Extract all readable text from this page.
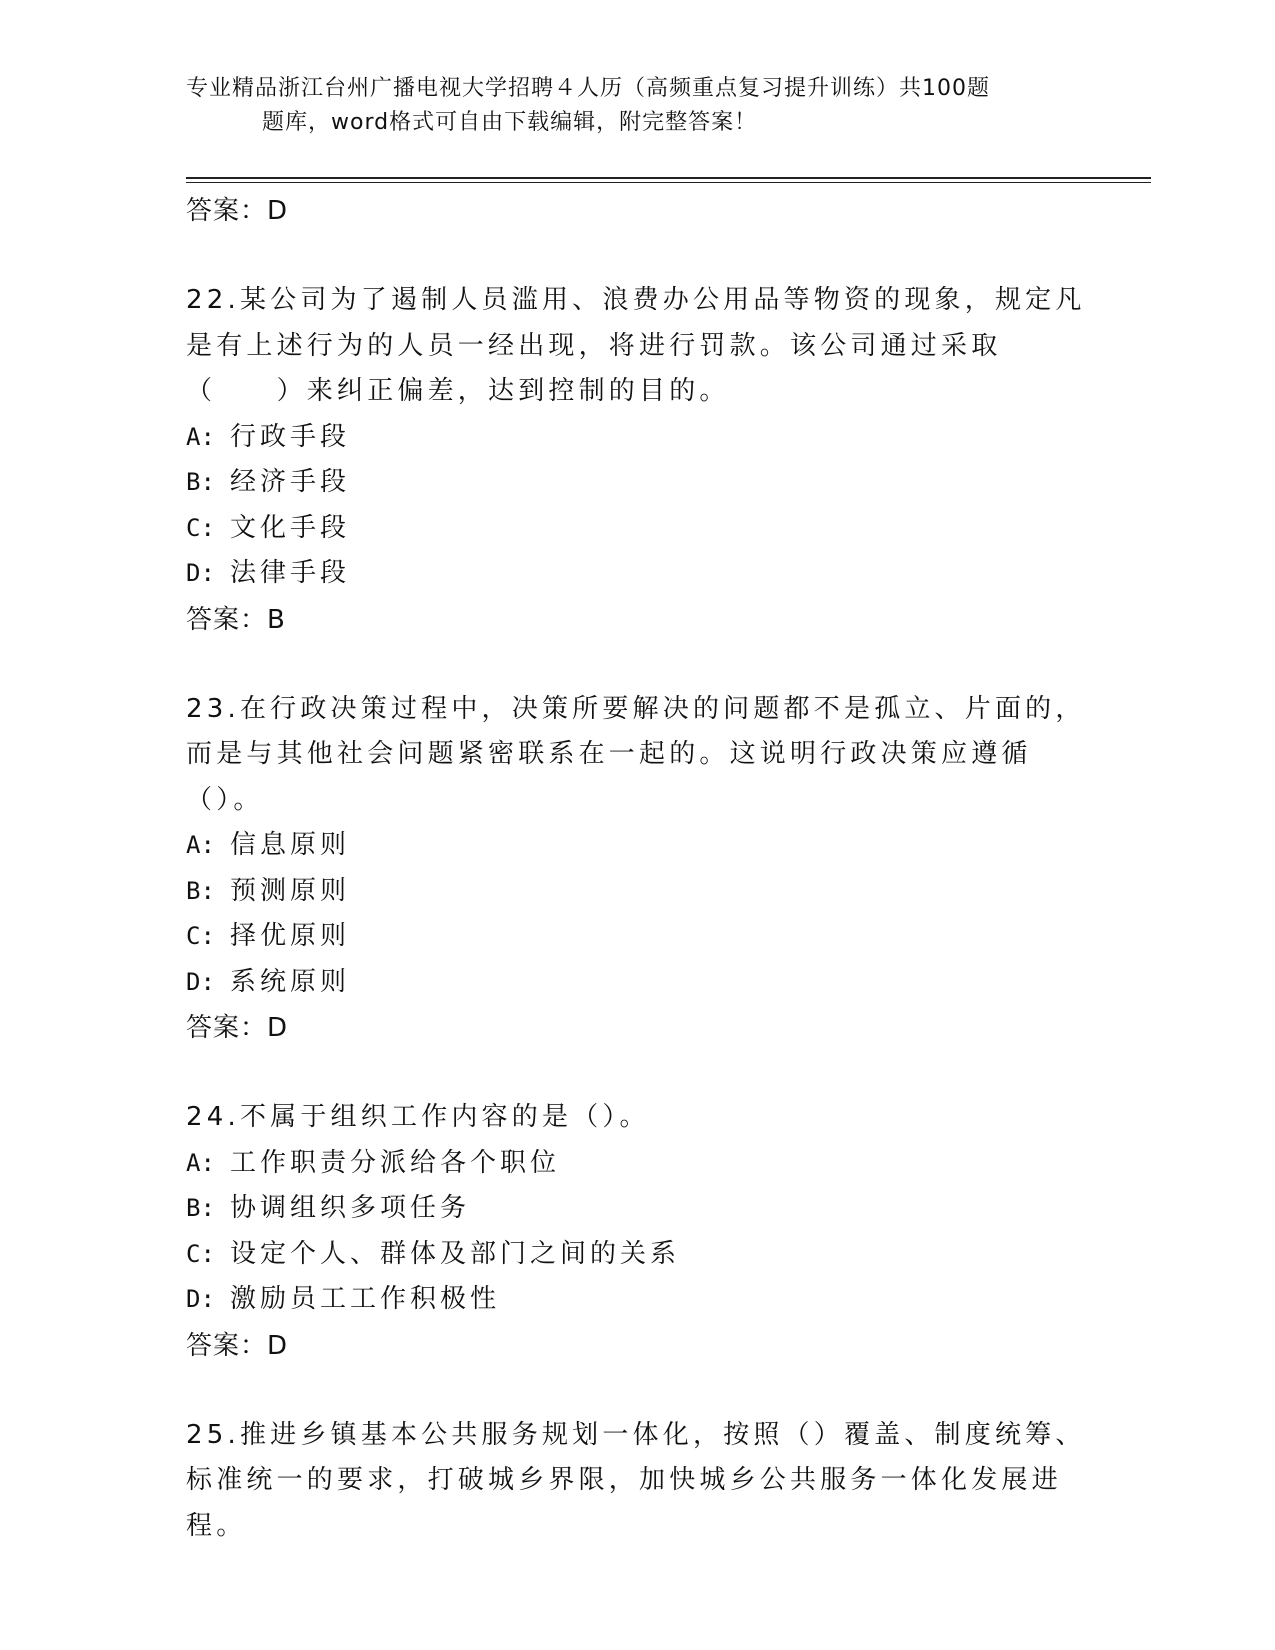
专业精品浙江台州广播电视大学招聘４人历（高频重点复习提升训练）共100题
题库，word格式可自由下载编辑，附完整答案！
答案：D
22.某公司为了遏制人员滥用、浪费办公用品等物资的现象，规定凡是有上述行为的人员一经出现，将进行罚款。该公司通过采取（　　）来纠正偏差，达到控制的目的。
A: 行政手段
B: 经济手段
C: 文化手段
D: 法律手段
答案：B
23.在行政决策过程中，决策所要解决的问题都不是孤立、片面的，而是与其他社会问题紧密联系在一起的。这说明行政决策应遵循（）。
A: 信息原则
B: 预测原则
C: 择优原则
D: 系统原则
答案：D
24.不属于组织工作内容的是（）。
A: 工作职责分派给各个职位
B: 协调组织多项任务
C: 设定个人、群体及部门之间的关系
D: 激励员工工作积极性
答案：D
25.推进乡镇基本公共服务规划一体化，按照（）覆盖、制度统筹、标准统一的要求，打破城乡界限，加快城乡公共服务一体化发展进程。
